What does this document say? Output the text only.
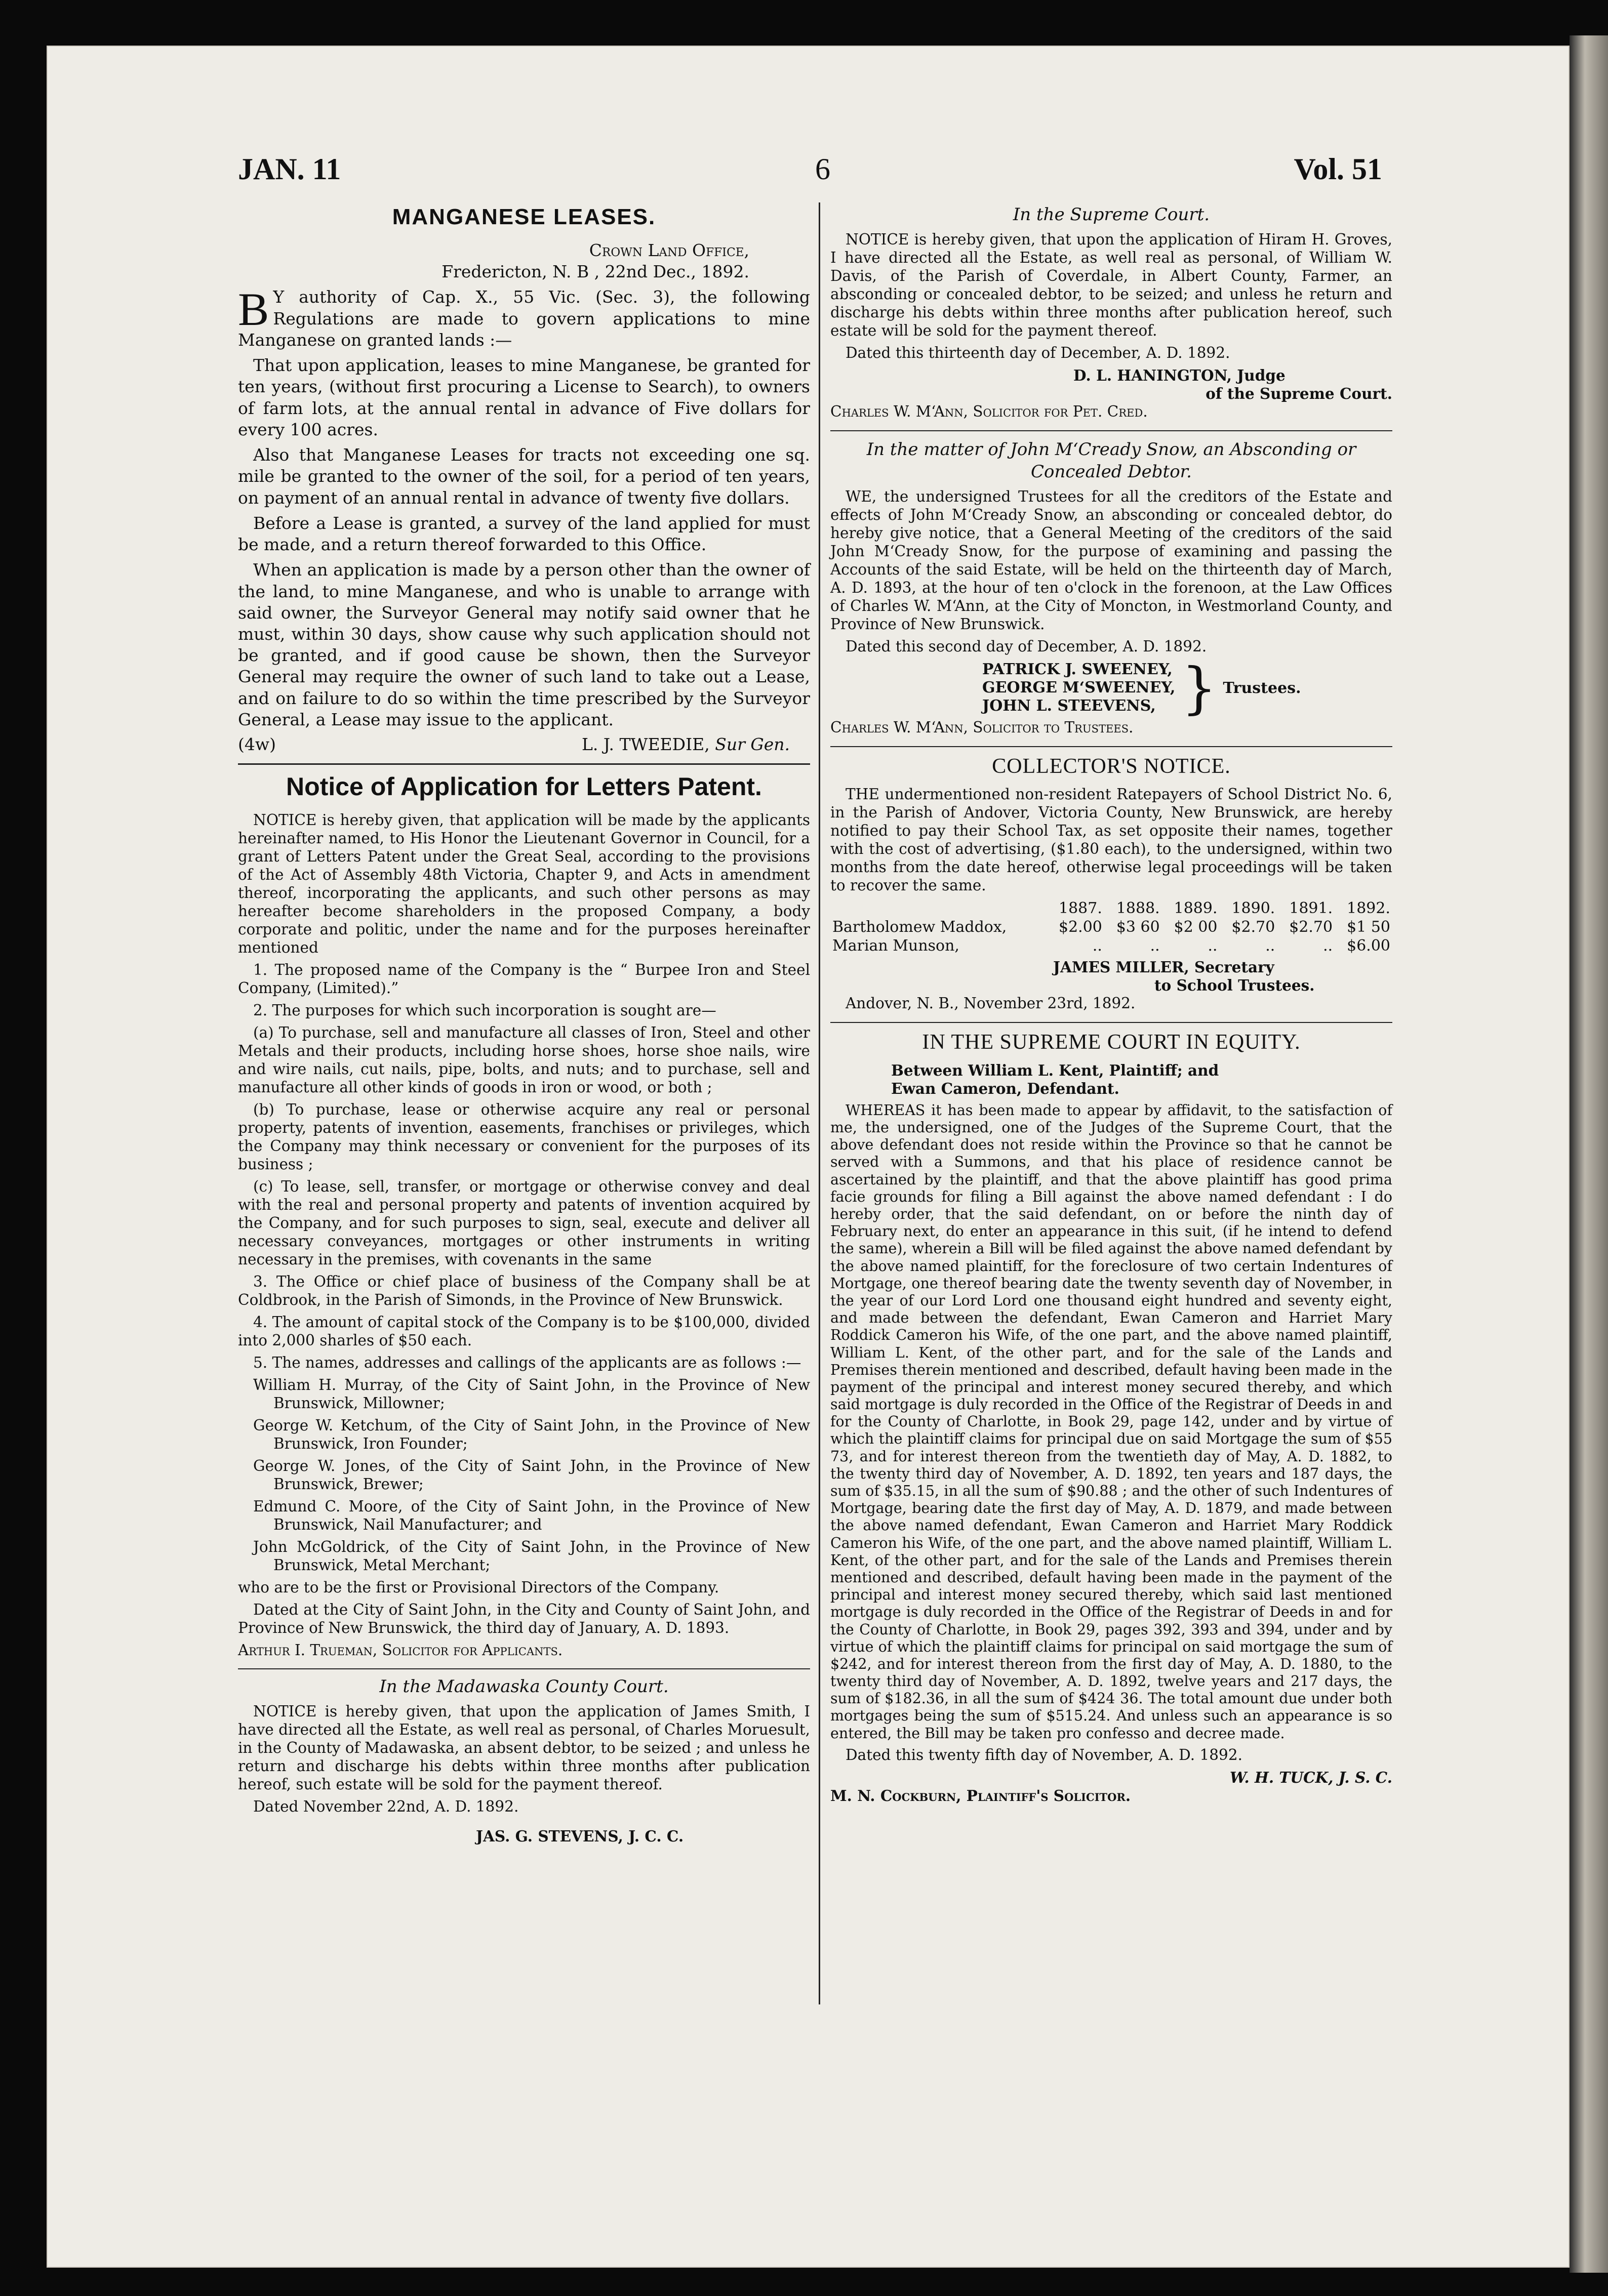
JAN. 11	6	Vol. 51
MANGANESE LEASES.
Crown Land Office,
Fredericton, N. B , 22nd Dec., 1892.

B Y authority of Cap. X., 55 Vic. (Sec. 3), the following Regulations are made to govern applications to mine Manganese on granted lands :—

That upon application, leases to mine Manganese, be granted for ten years, (without first procuring a License to Search), to owners of farm lots, at the annual rental in advance of Five dollars for every 100 acres.

Also that Manganese Leases for tracts not exceeding one sq. mile be granted to the owner of the soil, for a period of ten years, on payment of an annual rental in advance of twenty five dollars.

Before a Lease is granted, a survey of the land applied for must be made, and a return thereof forwarded to this Office.

When an application is made by a person other than the owner of the land, to mine Manganese, and who is unable to arrange with said owner, the Surveyor General may notify said owner that he must, within 30 days, show cause why such application should not be granted, and if good cause be shown, then the Surveyor General may require the owner of such land to take out a Lease, and on failure to do so within the time prescribed by the Surveyor General, a Lease may issue to the applicant.

(4w)	L. J. TWEEDIE, Sur Gen.
Notice of Application for Letters Patent.

NOTICE is hereby given, that application will be made by the applicants hereinafter named, to His Honor the Lieutenant Governor in Council, for a grant of Letters Patent under the Great Seal, according to the provisions of the Act of Assembly 48th Victoria, Chapter 9, and Acts in amendment thereof, incorporating the applicants, and such other persons as may hereafter become shareholders in the proposed Company, a body corporate and politic, under the name and for the purposes hereinafter mentioned

1. The proposed name of the Company is the “ Burpee Iron and Steel Company, (Limited).”

2. The purposes for which such incorporation is sought are—

(a) To purchase, sell and manufacture all classes of Iron, Steel and other Metals and their products, including horse shoes, horse shoe nails, wire and wire nails, cut nails, pipe, bolts, and nuts; and to purchase, sell and manufacture all other kinds of goods in iron or wood, or both ;

(b) To purchase, lease or otherwise acquire any real or personal property, patents of invention, easements, franchises or privileges, which the Company may think necessary or convenient for the purposes of its business ;

(c) To lease, sell, transfer, or mortgage or otherwise convey and deal with the real and personal property and patents of invention acquired by the Company, and for such purposes to sign, seal, execute and deliver all necessary conveyances, mortgages or other instruments in writing necessary in the premises, with covenants in the same

3. The Office or chief place of business of the Company shall be at Coldbrook, in the Parish of Simonds, in the Province of New Brunswick.

4. The amount of capital stock of the Company is to be $100,000, divided into 2,000 sharles of $50 each.

5. The names, addresses and callings of the applicants are as follows :—

William H. Murray, of the City of Saint John, in the Province of New Brunswick, Millowner;

George W. Ketchum, of the City of Saint John, in the Province of New Brunswick, Iron Founder;

George W. Jones, of the City of Saint John, in the Province of New Brunswick, Brewer;

Edmund C. Moore, of the City of Saint John, in the Province of New Brunswick, Nail Manufacturer; and

John McGoldrick, of the City of Saint John, in the Province of New Brunswick, Metal Merchant;

who are to be the first or Provisional Directors of the Company.

Dated at the City of Saint John, in the City and County of Saint John, and Province of New Brunswick, the third day of January, A. D. 1893.

Arthur I. Trueman, Solicitor for Applicants.

In the Madawaska County Court.

NOTICE is hereby given, that upon the application of James Smith, I have directed all the Estate, as well real as personal, of Charles Moruesult, in the County of Madawaska, an absent debtor, to be seized ; and unless he return and discharge his debts within three months after publication hereof, such estate will be sold for the payment thereof.

Dated November 22nd, A. D. 1892.

JAS. G. STEVENS, J. C. C.
In the Supreme Court.

NOTICE is hereby given, that upon the application of Hiram H. Groves, I have directed all the Estate, as well real as personal, of William W. Davis, of the Parish of Coverdale, in Albert County, Farmer, an absconding or concealed debtor, to be seized; and unless he return and discharge his debts within three months after publication hereof, such estate will be sold for the payment thereof.

Dated this thirteenth day of December, A. D. 1892.

D. L. HANINGTON, Judge
of the Supreme Court.
Charles W. M‘Ann, Solicitor for Pet. Cred.
In the matter of John M‘Cready Snow, an Absconding or Concealed Debtor.

WE, the undersigned Trustees for all the creditors of the Estate and effects of John M‘Cready Snow, an absconding or concealed debtor, do hereby give notice, that a General Meeting of the creditors of the said John M‘Cready Snow, for the purpose of examining and passing the Accounts of the said Estate, will be held on the thirteenth day of March, A. D. 1893, at the hour of ten o'clock in the forenoon, at the Law Offices of Charles W. M‘Ann, at the City of Moncton, in Westmorland County, and Province of New Brunswick.

Dated this second day of December, A. D. 1892.

PATRICK J. SWEENEY,
GEORGE M‘SWEENEY,
JOHN L. STEEVENS, } Trustees.
Charles W. M‘Ann, Solicitor to Trustees.
COLLECTOR'S NOTICE.

THE undermentioned non-resident Ratepayers of School District No. 6, in the Parish of Andover, Victoria County, New Brunswick, are hereby notified to pay their School Tax, as set opposite their names, together with the cost of advertising, ($1.80 each), to the undersigned, within two months from the date hereof, otherwise legal proceedings will be taken to recover the same.

	1887.	1888.	1889.	1890.	1891.	1892.
Bartholomew Maddox,	$2.00	$3 60	$2 00	$2.70	$2.70	$1 50
Marian Munson,	..	..	..	..	..	$6.00
JAMES MILLER, Secretary
to School Trustees.
Andover, N. B., November 23rd, 1892.
IN THE SUPREME COURT IN EQUITY.
Between William L. Kent, Plaintiff; and
Ewan Cameron, Defendant.

WHEREAS it has been made to appear by affidavit, to the satisfaction of me, the undersigned, one of the Judges of the Supreme Court, that the above defendant does not reside within the Province so that he cannot be served with a Summons, and that his place of residence cannot be ascertained by the plaintiff, and that the above plaintiff has good prima facie grounds for filing a Bill against the above named defendant : I do hereby order, that the said defendant, on or before the ninth day of February next, do enter an appearance in this suit, (if he intend to defend the same), wherein a Bill will be filed against the above named defendant by the above named plaintiff, for the foreclosure of two certain Indentures of Mortgage, one thereof bearing date the twenty seventh day of November, in the year of our Lord Lord one thousand eight hundred and seventy eight, and made between the defendant, Ewan Cameron and Harriet Mary Roddick Cameron his Wife, of the one part, and the above named plaintiff, William L. Kent, of the other part, and for the sale of the Lands and Premises therein mentioned and described, default having been made in the payment of the principal and interest money secured thereby, and which said mortgage is duly recorded in the Office of the Registrar of Deeds in and for the County of Charlotte, in Book 29, page 142, under and by virtue of which the plaintiff claims for principal due on said Mortgage the sum of $55 73, and for interest thereon from the twentieth day of May, A. D. 1882, to the twenty third day of November, A. D. 1892, ten years and 187 days, the sum of $35.15, in all the sum of $90.88 ; and the other of such Indentures of Mortgage, bearing date the first day of May, A. D. 1879, and made between the above named defendant, Ewan Cameron and Harriet Mary Roddick Cameron his Wife, of the one part, and the above named plaintiff, William L. Kent, of the other part, and for the sale of the Lands and Premises therein mentioned and described, default having been made in the payment of the principal and interest money secured thereby, which said last mentioned mortgage is duly recorded in the Office of the Registrar of Deeds in and for the County of Charlotte, in Book 29, pages 392, 393 and 394, under and by virtue of which the plaintiff claims for principal on said mortgage the sum of $242, and for interest thereon from the first day of May, A. D. 1880, to the twenty third day of November, A. D. 1892, twelve years and 217 days, the sum of $182.36, in all the sum of $424 36. The total amount due under both mortgages being the sum of $515.24. And unless such an appearance is so entered, the Bill may be taken pro confesso and decree made.

Dated this twenty fifth day of November, A. D. 1892.

W. H. TUCK, J. S. C.
M. N. Cockburn, Plaintiff's Solicitor.
